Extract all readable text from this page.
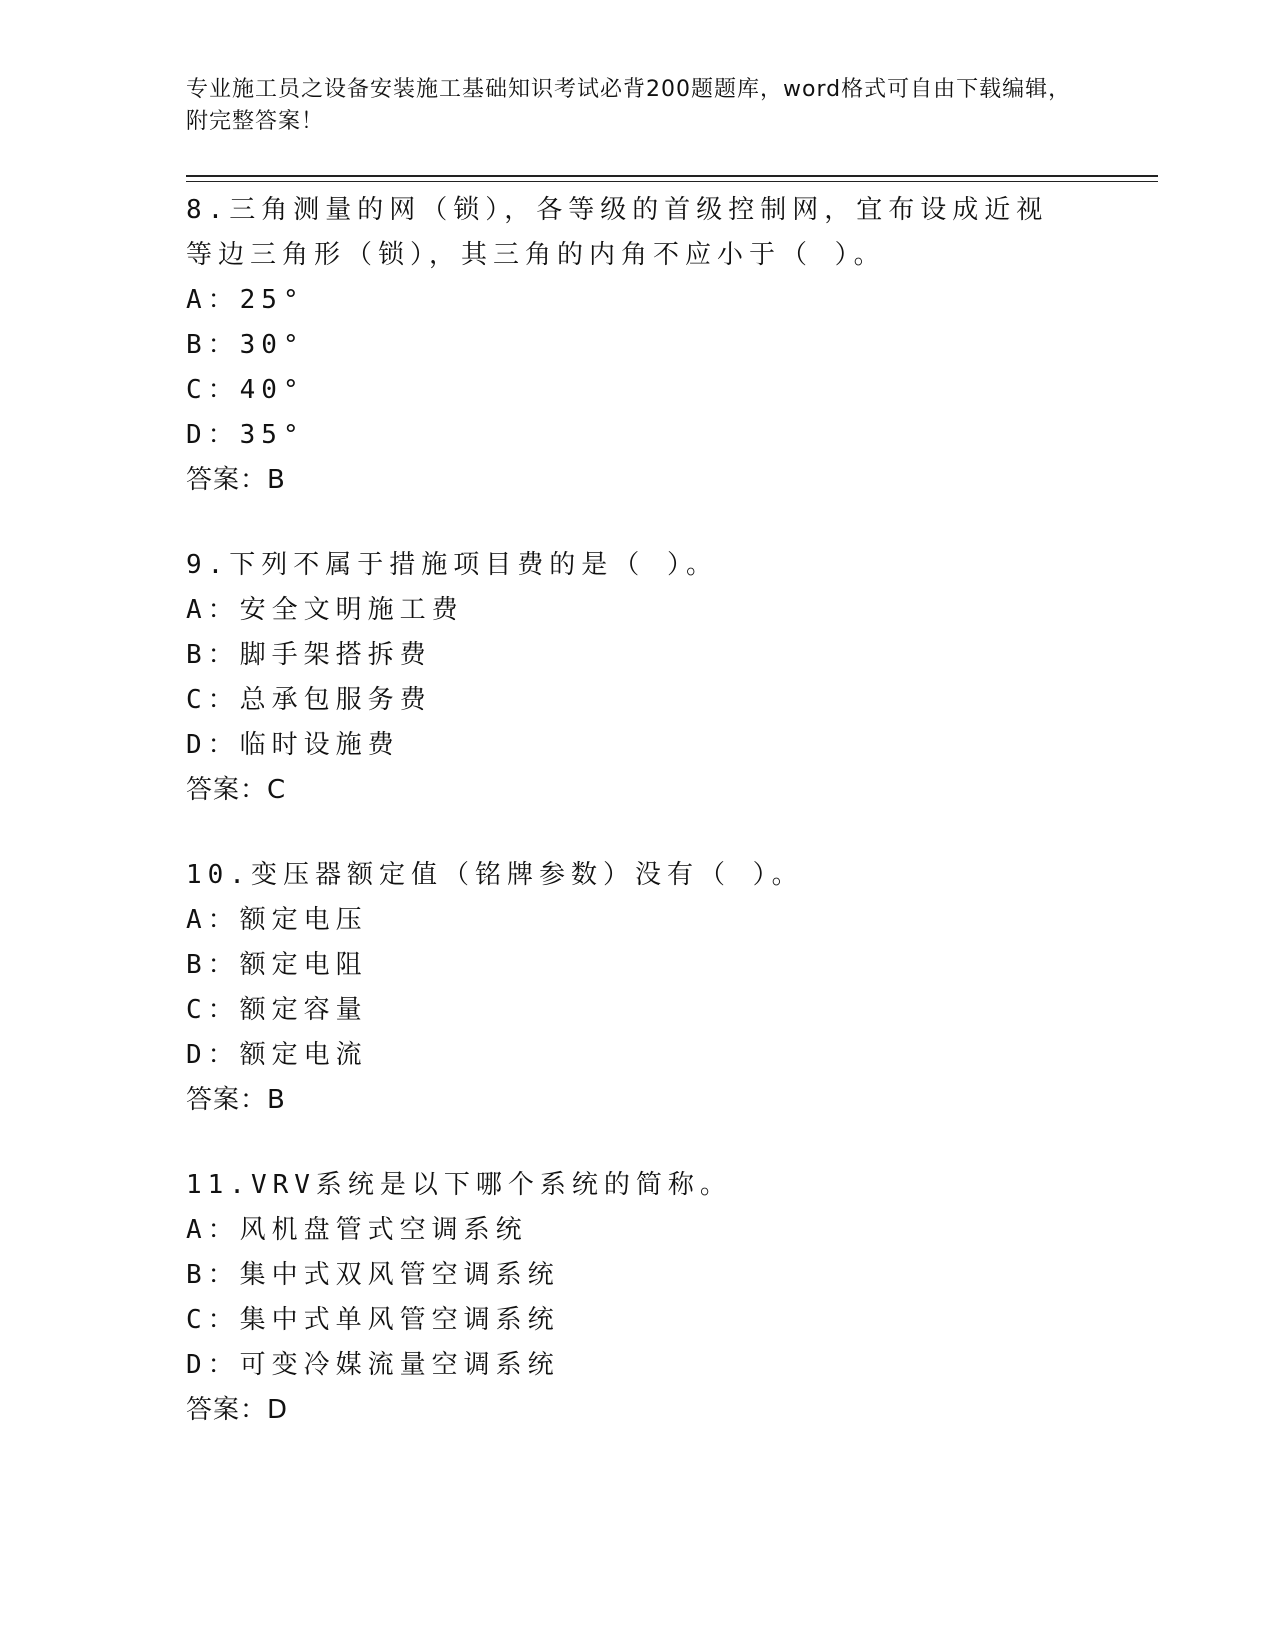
专业施工员之设备安装施工基础知识考试必背200题题库，word格式可自由下载编辑，附完整答案！

8.三角测量的网（锁），各等级的首级控制网，宜布设成近视等边三角形（锁），其三角的内角不应小于（ ）。

A：25°
B：30°
C：40°
D：35°
答案：B

9.下列不属于措施项目费的是（ ）。

A：安全文明施工费
B：脚手架搭拆费
C：总承包服务费
D：临时设施费
答案：C

10.变压器额定值（铭牌参数）没有（ ）。

A：额定电压
B：额定电阻
C：额定容量
D：额定电流
答案：B

11.VRV系统是以下哪个系统的简称。

A：风机盘管式空调系统
B：集中式双风管空调系统
C：集中式单风管空调系统
D：可变冷媒流量空调系统
答案：D
